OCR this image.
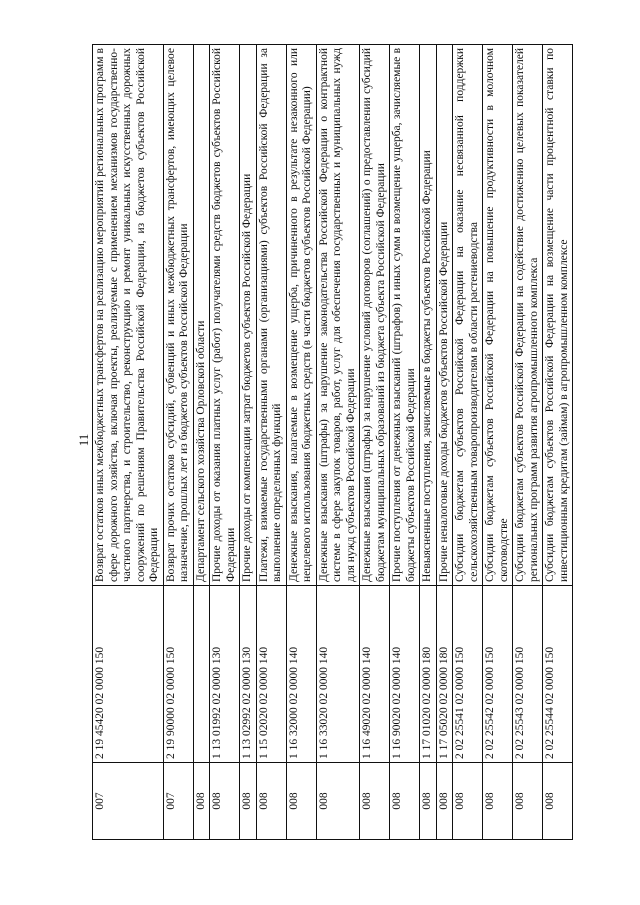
11
007	2 19 45420 02 0000 150	Возврат остатков иных межбюджетных трансфертов на реализацию мероприятий региональных программ в сфере дорожного хозяйства, включая проекты, реализуемые с применением механизмов государственно-частного партнерства, и строительство, реконструкцию и ремонт уникальных искусственных дорожных сооружений по решениям Правительства Российской Федерации, из бюджетов субъектов Российской Федерации
007	2 19 90000 02 0000 150	Возврат прочих остатков субсидий, субвенций и иных межбюджетных трансфертов, имеющих целевое назначение, прошлых лет из бюджетов субъектов Российской Федерации
008		Департамент сельского хозяйства Орловской области
008	1 13 01992 02 0000 130	Прочие доходы от оказания платных услуг (работ) получателями средств бюджетов субъектов Российской Федерации
008	1 13 02992 02 0000 130	Прочие доходы от компенсации затрат бюджетов субъектов Российской Федерации
008	1 15 02020 02 0000 140	Платежи, взимаемые государственными органами (организациями) субъектов Российской Федерации за выполнение определенных функций
008	1 16 32000 02 0000 140	Денежные взыскания, налагаемые в возмещение ущерба, причиненного в результате незаконного или нецелевого использования бюджетных средств (в части бюджетов субъектов Российской Федерации)
008	1 16 33020 02 0000 140	Денежные взыскания (штрафы) за нарушение законодательства Российской Федерации о контрактной системе в сфере закупок товаров, работ, услуг для обеспечения государственных и муниципальных нужд для нужд субъектов Российской Федерации
008	1 16 49020 02 0000 140	Денежные взыскания (штрафы) за нарушение условий договоров (соглашений) о предоставлении субсидий бюджетам муниципальных образований из бюджета субъекта Российской Федерации
008	1 16 90020 02 0000 140	Прочие поступления от денежных взысканий (штрафов) и иных сумм в возмещение ущерба, зачисляемые в бюджеты субъектов Российской Федерации
008	1 17 01020 02 0000 180	Невыясненные поступления, зачисляемые в бюджеты субъектов Российской Федерации
008	1 17 05020 02 0000 180	Прочие неналоговые доходы бюджетов субъектов Российской Федерации
008	2 02 25541 02 0000 150	Субсидии бюджетам субъектов Российской Федерации на оказание несвязанной поддержки сельскохозяйственным товаропроизводителям в области растениеводства
008	2 02 25542 02 0000 150	Субсидии бюджетам субъектов Российской Федерации на повышение продуктивности в молочном скотоводстве
008	2 02 25543 02 0000 150	Субсидии бюджетам субъектов Российской Федерации на содействие достижению целевых показателей региональных программ развития агропромышленного комплекса
008	2 02 25544 02 0000 150	Субсидии бюджетам субъектов Российской Федерации на возмещение части процентной ставки по инвестиционным кредитам (займам) в агропромышленном комплексе
